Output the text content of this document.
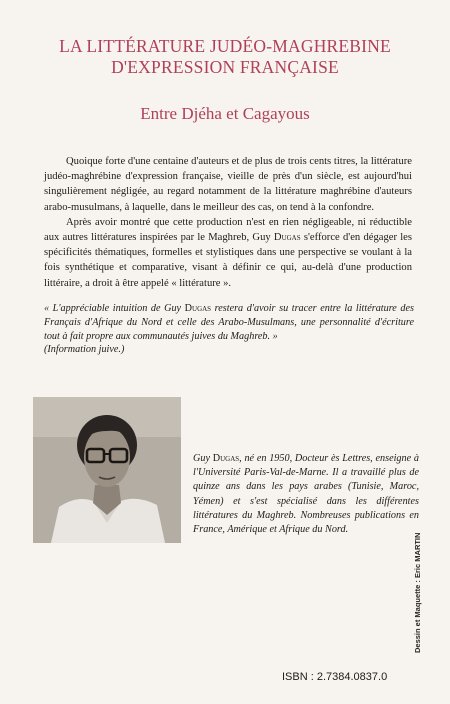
LA LITTÉRATURE JUDÉO-MAGHREBINE
D'EXPRESSION FRANÇAISE
Entre Djéha et Cagayous

Quoique forte d'une centaine d'auteurs et de plus de trois cents titres, la littérature judéo-maghrébine d'expression française, vieille de près d'un siècle, est aujourd'hui singulièrement négligée, au regard notamment de la littérature maghrébine d'auteurs arabo-musulmans, à laquelle, dans le meilleur des cas, on tend à la confondre.

Après avoir montré que cette production n'est en rien négligeable, ni réductible aux autres littératures inspirées par le Maghreb, Guy Dugas s'efforce d'en dégager les spécificités thématiques, formelles et stylistiques dans une perspective se voulant à la fois synthétique et comparative, visant à définir ce qui, au-delà d'une production littéraire, a droit à être appelé « littérature ».

« L'appréciable intuition de Guy Dugas restera d'avoir su tracer entre la littérature des Français d'Afrique du Nord et celle des Arabo-Musulmans, une personnalité d'écriture tout à fait propre aux communautés juives du Maghreb. »

(Information juive.)

Guy Dugas, né en 1950, Docteur ès Lettres, enseigne à l'Université Paris-Val-de-Marne. Il a travaillé plus de quinze ans dans les pays arabes (Tunisie, Maroc, Yémen) et s'est spécialisé dans les différentes littératures du Maghreb. Nombreuses publications en France, Amérique et Afrique du Nord.

Dessin et Maquette : Eric MARTIN
ISBN : 2.7384.0837.0
